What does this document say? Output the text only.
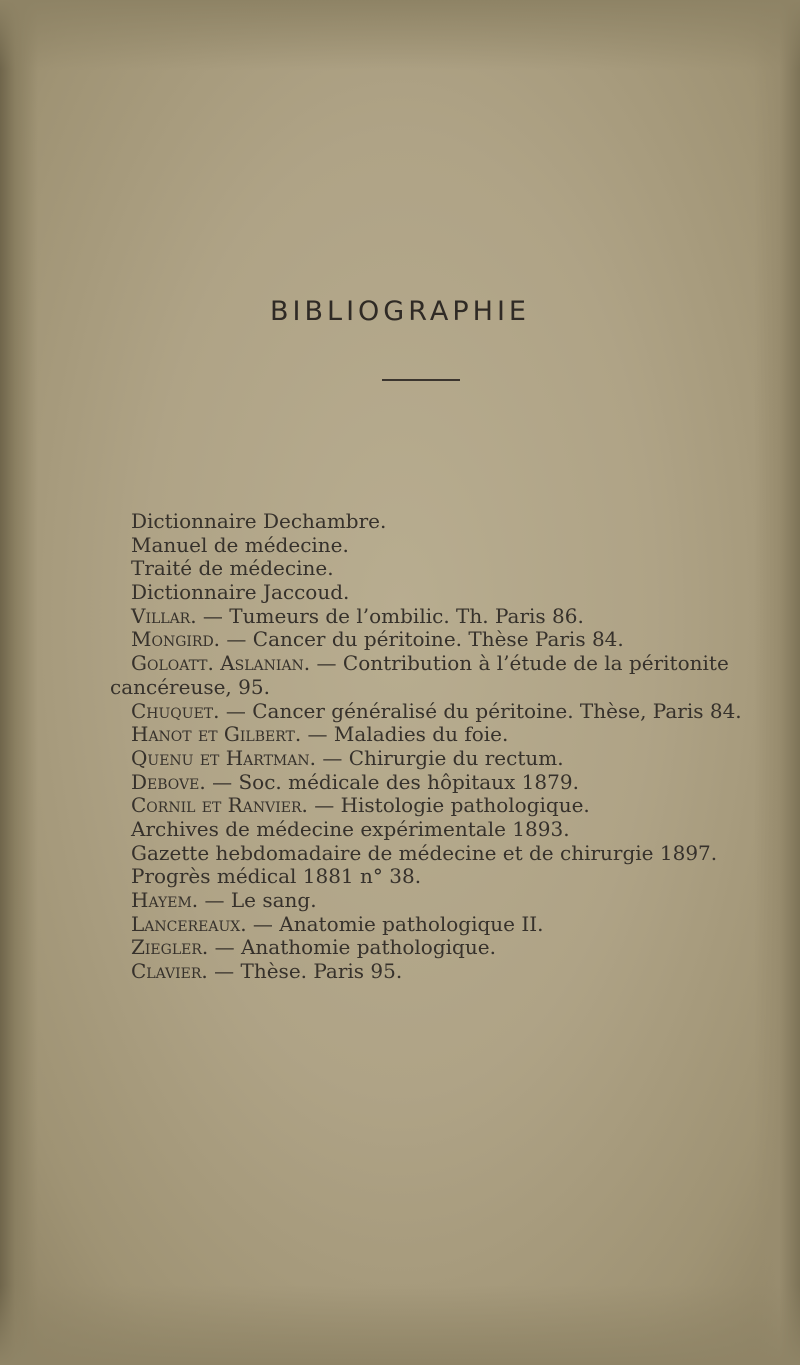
BIBLIOGRAPHIE
Dictionnaire Dechambre.
Manuel de médecine.
Traité de médecine.
Dictionnaire Jaccoud.
Villar. — Tumeurs de l’ombilic. Th. Paris 86.
Mongird. — Cancer du péritoine. Thèse Paris 84.
Goloatt. Aslanian. — Contribution à l’étude de la péritonite
cancéreuse, 95.
Chuquet. — Cancer généralisé du péritoine. Thèse, Paris 84.
Hanot et Gilbert. — Maladies du foie.
Quenu et Hartman. — Chirurgie du rectum.
Debove. — Soc. médicale des hôpitaux 1879.
Cornil et Ranvier. — Histologie pathologique.
Archives de médecine expérimentale 1893.
Gazette hebdomadaire de médecine et de chirurgie 1897.
Progrès médical 1881 n° 38.
Hayem. — Le sang.
Lancereaux. — Anatomie pathologique II.
Ziegler. — Anathomie pathologique.
Clavier. — Thèse. Paris 95.
